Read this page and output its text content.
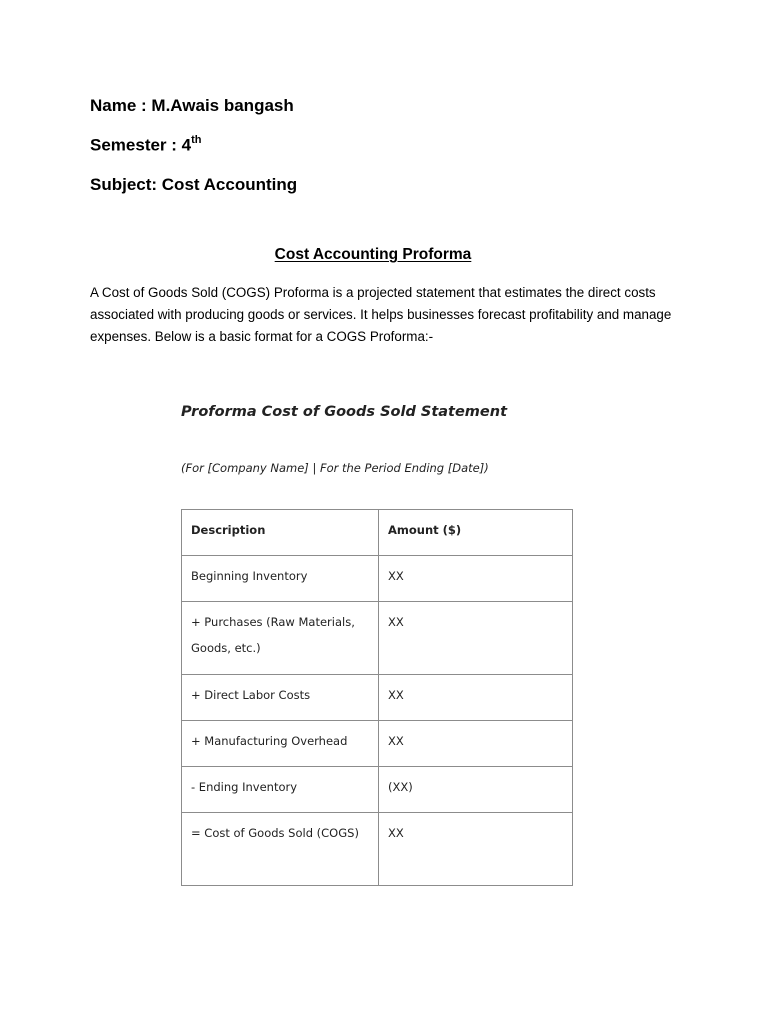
Name : M.Awais bangash
Semester : 4th
Subject: Cost Accounting
Cost Accounting Proforma

A Cost of Goods Sold (COGS) Proforma is a projected statement that estimates the direct costs associated with producing goods or services. It helps businesses forecast profitability and manage expenses. Below is a basic format for a COGS Proforma:-

Proforma Cost of Goods Sold Statement
(For [Company Name] | For the Period Ending [Date])
Description	Amount ($)

Beginning Inventory	XX

+ Purchases (Raw Materials, Goods, etc.)	XX

+ Direct Labor Costs	XX

+ Manufacturing Overhead	XX

- Ending Inventory	(XX)

= Cost of Goods Sold (COGS)	XX
